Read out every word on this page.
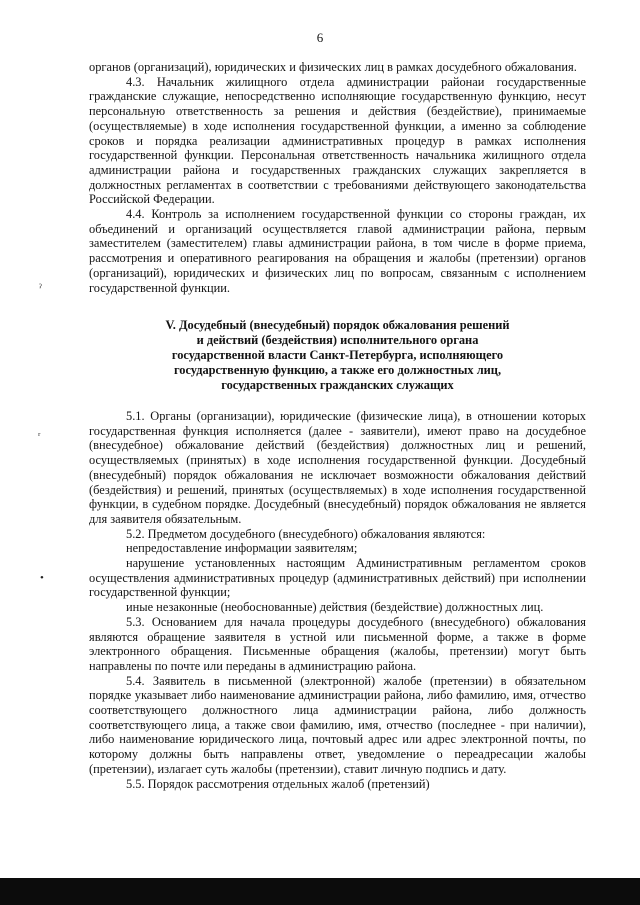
6

органов (организаций), юридических и физических лиц в рамках досудебного обжалования.

4.3. Начальник жилищного отдела администрации районаи государственные гражданские служащие, непосредственно исполняющие государственную функцию, несут персональную ответственность за решения и действия (бездействие), принимаемые (осуществляемые) в ходе исполнения государственной функции, а именно за соблюдение сроков и порядка реализации административных процедур в рамках исполнения государственной функции. Персональная ответственность начальника жилищного отдела администрации района и государственных гражданских служащих закрепляется в должностных регламентах в соответствии с требованиями действующего законодательства Российской Федерации.

4.4. Контроль за исполнением государственной функции со стороны граждан, их объединений и организаций осуществляется главой администрации района, первым заместителем (заместителем) главы администрации района, в том числе в форме приема, рассмотрения и оперативного реагирования на обращения и жалобы (претензии) органов (организаций), юридических и физических лиц по вопросам, связанным с исполнением государственной функции.

V. Досудебный (внесудебный) порядок обжалования решений
и действий (бездействия) исполнительного органа
государственной власти Санкт-Петербурга, исполняющего
государственную функцию, а также его должностных лиц,
государственных гражданских служащих

5.1. Органы (организации), юридические (физические лица), в отношении которых государственная функция исполняется (далее - заявители), имеют право на досудебное (внесудебное) обжалование действий (бездействия) должностных лиц и решений, осуществляемых (принятых) в ходе исполнения государственной функции. Досудебный (внесудебный) порядок обжалования не исключает возможности обжалования действий (бездействия) и решений, принятых (осуществляемых) в ходе исполнения государственной функции, в судебном порядке. Досудебный (внесудебный) порядок обжалования не является для заявителя обязательным.

5.2. Предметом досудебного (внесудебного) обжалования являются:

непредоставление информации заявителям;

нарушение установленных настоящим Административным регламентом сроков осуществления административных процедур (административных действий) при исполнении государственной функции;

иные незаконные (необоснованные) действия (бездействие) должностных лиц.

5.3. Основанием для начала процедуры досудебного (внесудебного) обжалования являются обращение заявителя в устной или письменной форме, а также в форме электронного обращения. Письменные обращения (жалобы, претензии) могут быть направлены по почте или переданы в администрацию района.

5.4. Заявитель в письменной (электронной) жалобе (претензии) в обязательном порядке указывает либо наименование администрации района, либо фамилию, имя, отчество соответствующего должностного лица администрации района, либо должность соответствующего лица, а также свои фамилию, имя, отчество (последнее - при наличии), либо наименование юридического лица, почтовый адрес или адрес электронной почты, по которому должны быть направлены ответ, уведомление о переадресации жалобы (претензии), излагает суть жалобы (претензии), ставит личную подпись и дату.

5.5. Порядок рассмотрения отдельных жалоб (претензий)

ˀ
ʳ
•
